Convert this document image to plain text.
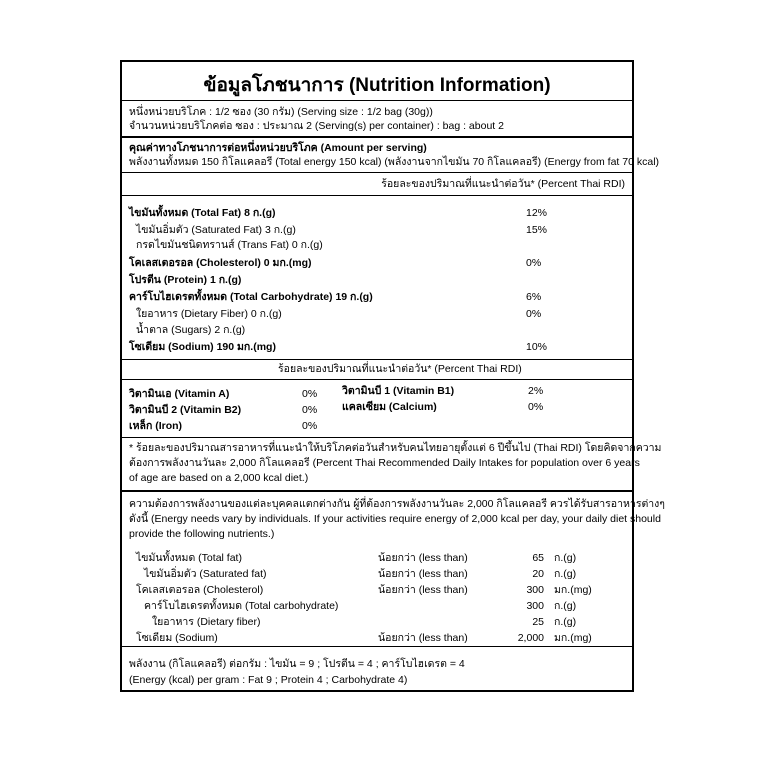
ข้อมูลโภชนาการ (Nutrition Information)
หนึ่งหน่วยบริโภค : 1/2 ซอง (30 กรัม) (Serving size : 1/2 bag (30g))
จำนวนหน่วยบริโภคต่อ ซอง : ประมาณ 2 (Serving(s) per container) : bag : about 2
คุณค่าทางโภชนาการต่อหนึ่งหน่วยบริโภค (Amount per serving)
พลังงานทั้งหมด 150 กิโลแคลอรี (Total energy 150 kcal) (พลังงานจากไขมัน 70 กิโลแคลอรี) (Energy from fat 70 kcal)
ร้อยละของปริมาณที่แนะนำต่อวัน* (Percent Thai RDI)
ไขมันทั้งหมด (Total Fat) 8 ก.(g)	12%
ไขมันอิ่มตัว (Saturated Fat) 3 ก.(g)	15%
กรดไขมันชนิดทรานส์ (Trans Fat) 0 ก.(g)
โคเลสเตอรอล (Cholesterol) 0 มก.(mg)	0%
โปรตีน (Protein) 1 ก.(g)
คาร์โบไฮเดรตทั้งหมด (Total Carbohydrate) 19 ก.(g)	6%
ใยอาหาร (Dietary Fiber) 0 ก.(g)	0%
น้ำตาล (Sugars) 2 ก.(g)
โซเดียม (Sodium) 190 มก.(mg)	10%
ร้อยละของปริมาณที่แนะนำต่อวัน* (Percent Thai RDI)
วิตามินเอ (Vitamin A)	0% วิตามินบี 1 (Vitamin B1)	2%
วิตามินบี 2 (Vitamin B2)	0% แคลเซียม (Calcium)	0%
เหล็ก (Iron)	0%
* ร้อยละของปริมาณสารอาหารที่แนะนำให้บริโภคต่อวันสำหรับคนไทยอายุตั้งแต่ 6 ปีขึ้นไป (Thai RDI) โดยคิดจากความ
ต้องการพลังงานวันละ 2,000 กิโลแคลอรี (Percent Thai Recommended Daily Intakes for population over 6 years
of age are based on a 2,000 kcal diet.)
ความต้องการพลังงานของแต่ละบุคคลแตกต่างกัน ผู้ที่ต้องการพลังงานวันละ 2,000 กิโลแคลอรี ควรได้รับสารอาหารต่างๆ
ดังนี้ (Energy needs vary by individuals. If your activities require energy of 2,000 kcal per day, your daily diet should
provide the following nutrients.)
ไขมันทั้งหมด (Total fat)	น้อยกว่า (less than)	65 ก.(g)
ไขมันอิ่มตัว (Saturated fat)	น้อยกว่า (less than)	20 ก.(g)
โคเลสเตอรอล (Cholesterol)	น้อยกว่า (less than)	300 มก.(mg)
คาร์โบไฮเดรตทั้งหมด (Total carbohydrate)	300 ก.(g)
ใยอาหาร (Dietary fiber)	25 ก.(g)
โซเดียม (Sodium)	น้อยกว่า (less than)	2,000 มก.(mg)
พลังงาน (กิโลแคลอรี) ต่อกรัม : ไขมัน = 9 ; โปรตีน = 4 ; คาร์โบไฮเดรต = 4
(Energy (kcal) per gram : Fat 9 ; Protein 4 ; Carbohydrate 4)
